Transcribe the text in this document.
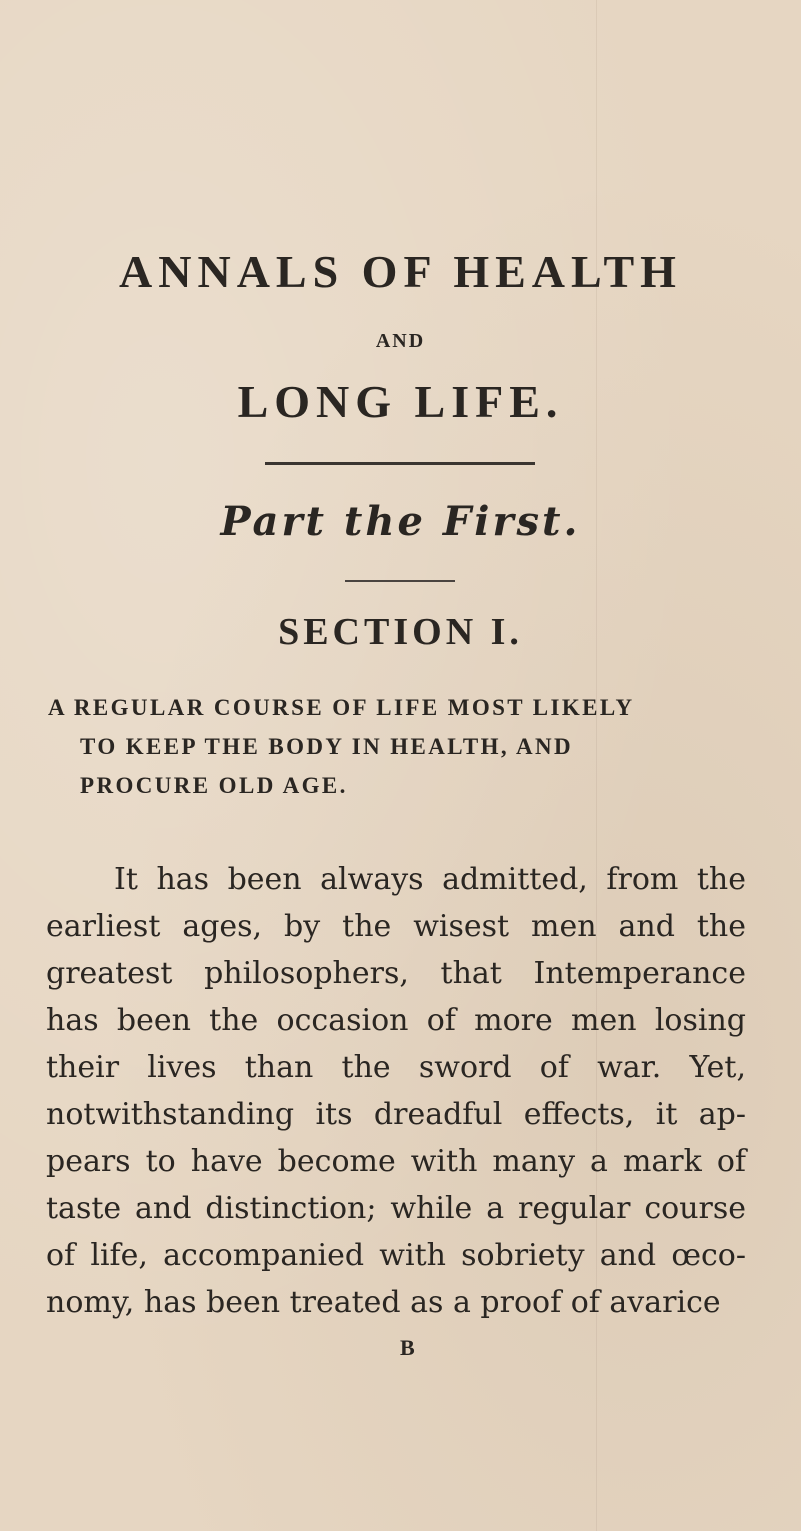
ANNALS OF HEALTH
AND
LONG LIFE.
Part the First.
SECTION I.
A REGULAR COURSE OF LIFE MOST LIKELY
TO KEEP THE BODY IN HEALTH, AND
PROCURE OLD AGE.
It has been always admitted, from the
earliest ages, by the wisest men and the
greatest philosophers, that Intemperance
has been the occasion of more men losing
their lives than the sword of war. Yet,
notwithstanding its dreadful effects, it ap-
pears to have become with many a mark of
taste and distinction; while a regular course
of life, accompanied with sobriety and œco-
nomy, has been treated as a proof of avarice
B
